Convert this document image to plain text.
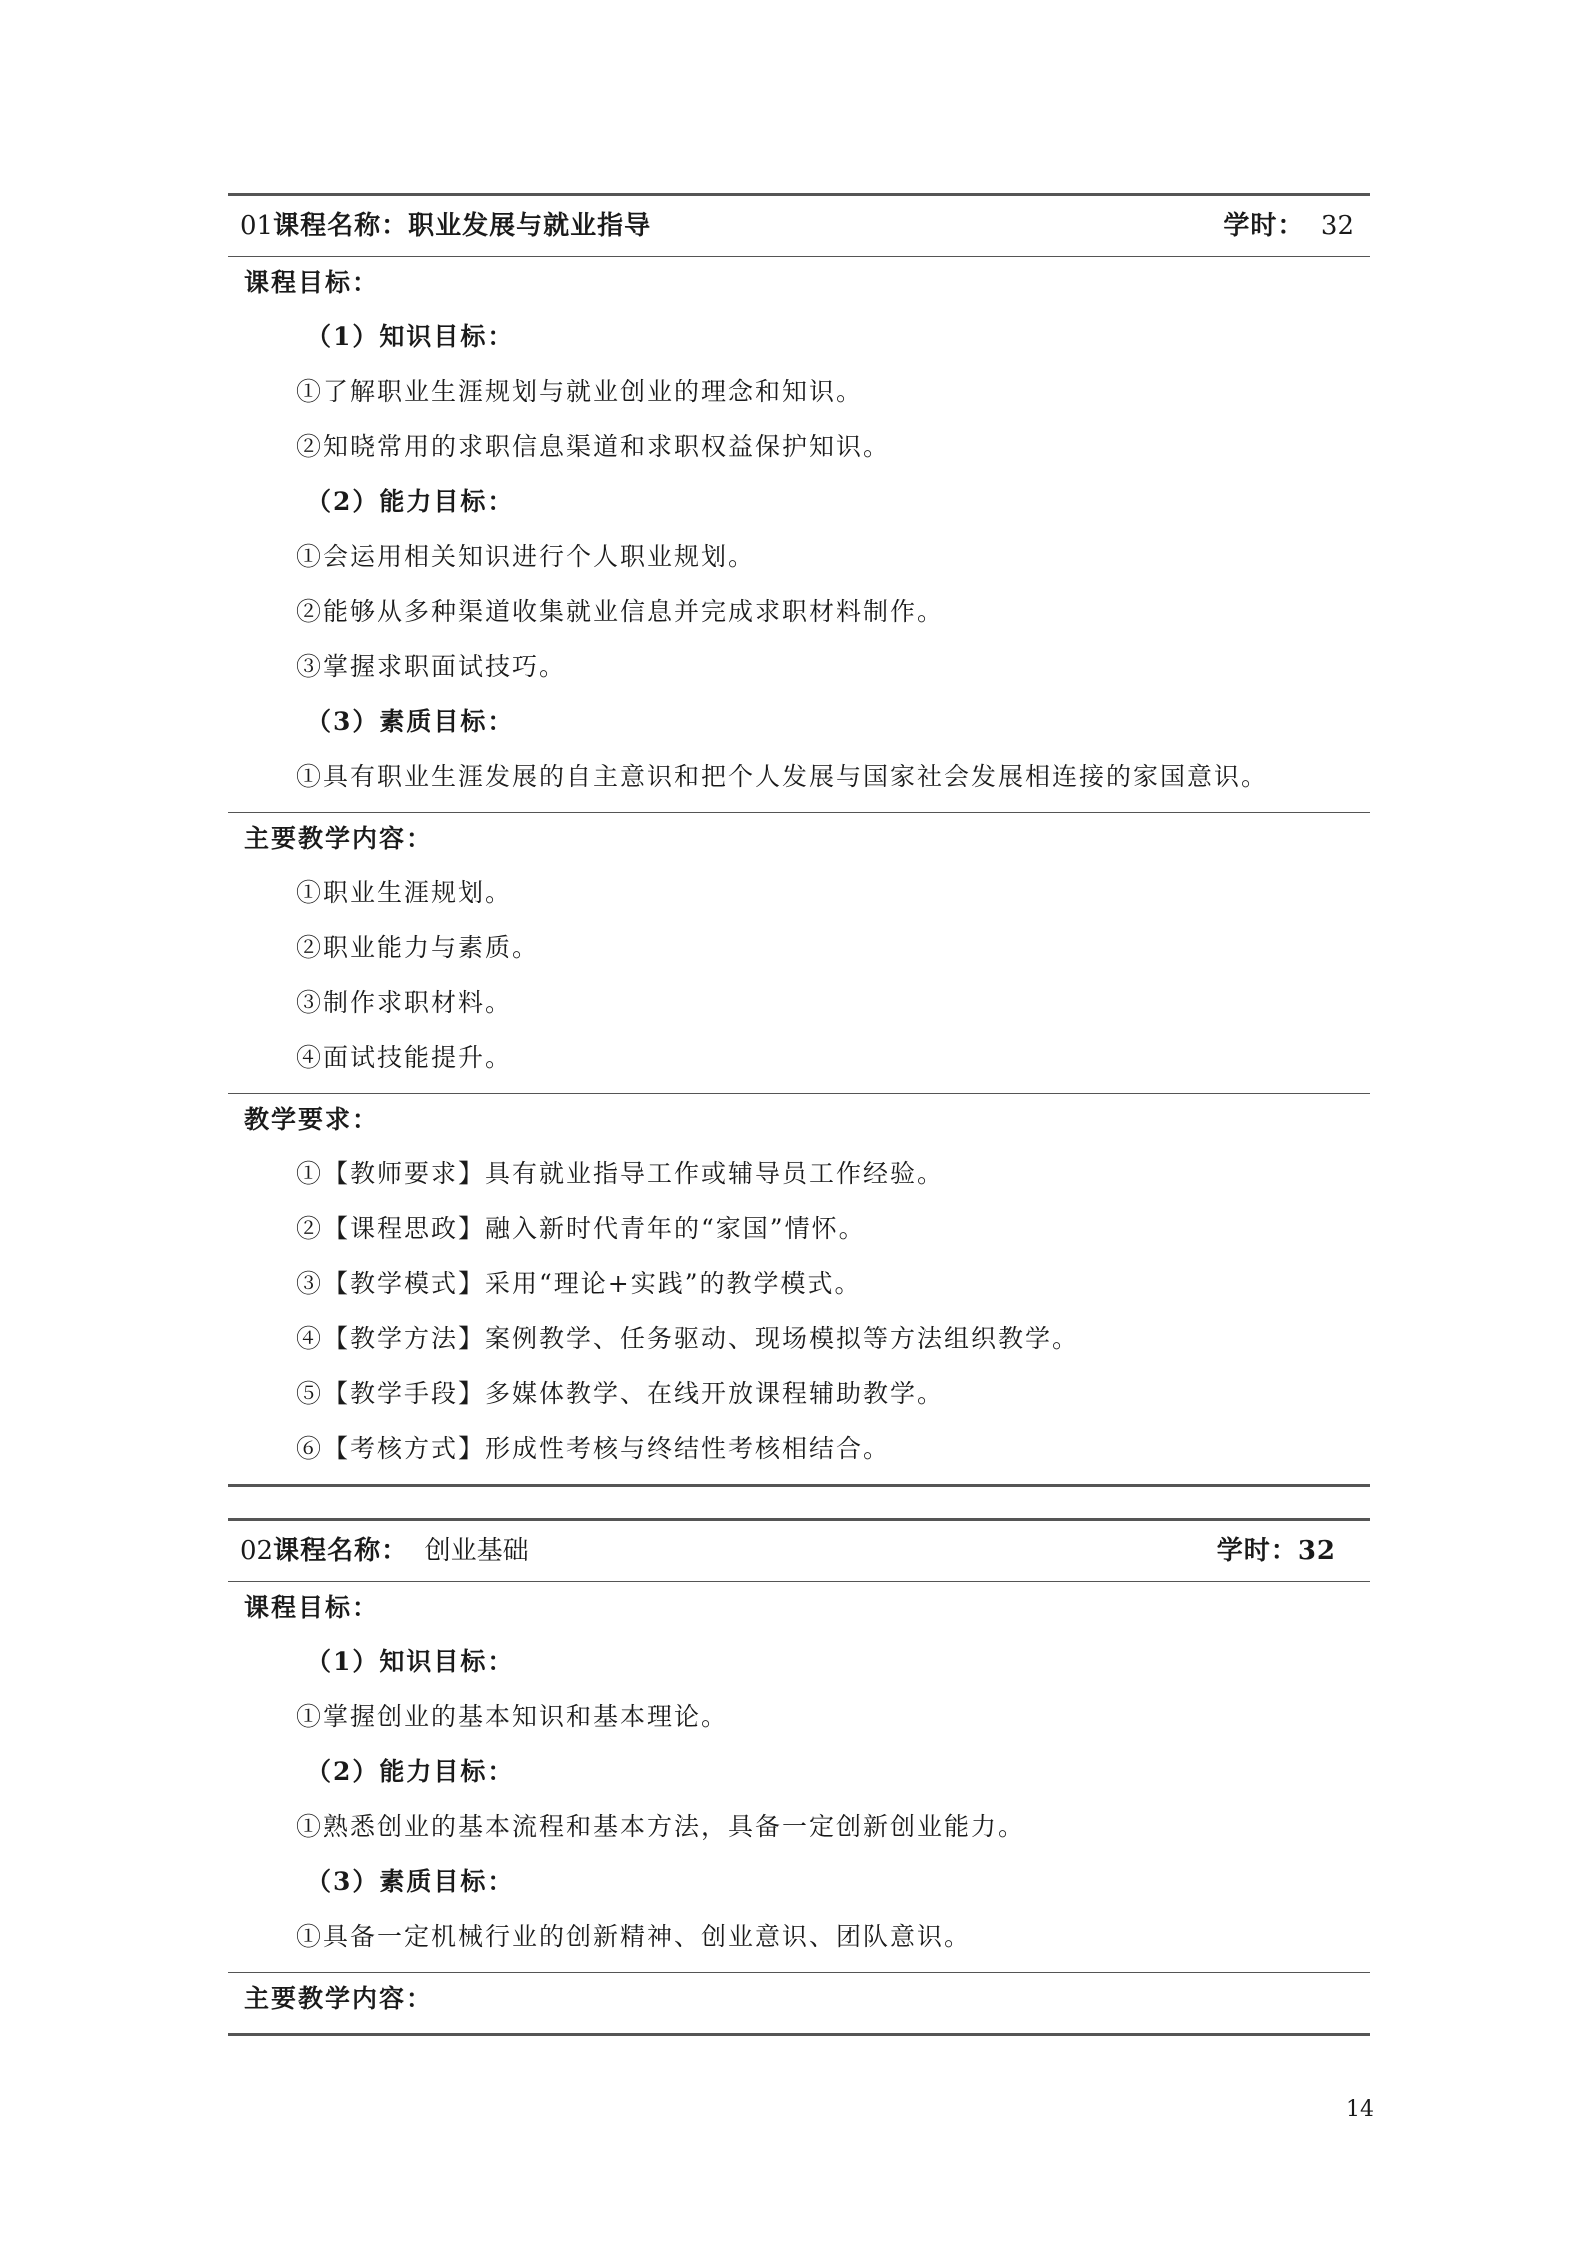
01课程名称：职业发展与就业指导	学时： 32
课程目标：
（1）知识目标：
①了解职业生涯规划与就业创业的理念和知识。
②知晓常用的求职信息渠道和求职权益保护知识。
（2）能力目标：
①会运用相关知识进行个人职业规划。
②能够从多种渠道收集就业信息并完成求职材料制作。
③掌握求职面试技巧。
（3）素质目标：
①具有职业生涯发展的自主意识和把个人发展与国家社会发展相连接的家国意识。
主要教学内容：
①职业生涯规划。
②职业能力与素质。
③制作求职材料。
④面试技能提升。
教学要求：
①【教师要求】具有就业指导工作或辅导员工作经验。
②【课程思政】融入新时代青年的“家国”情怀。
③【教学模式】采用“理论+实践”的教学模式。
④【教学方法】案例教学、任务驱动、现场模拟等方法组织教学。
⑤【教学手段】多媒体教学、在线开放课程辅助教学。
⑥【考核方式】形成性考核与终结性考核相结合。
02课程名称： 创业基础	学时：32
课程目标：
（1）知识目标：
①掌握创业的基本知识和基本理论。
（2）能力目标：
①熟悉创业的基本流程和基本方法，具备一定创新创业能力。
（3）素质目标：
①具备一定机械行业的创新精神、创业意识、团队意识。
主要教学内容：
14
